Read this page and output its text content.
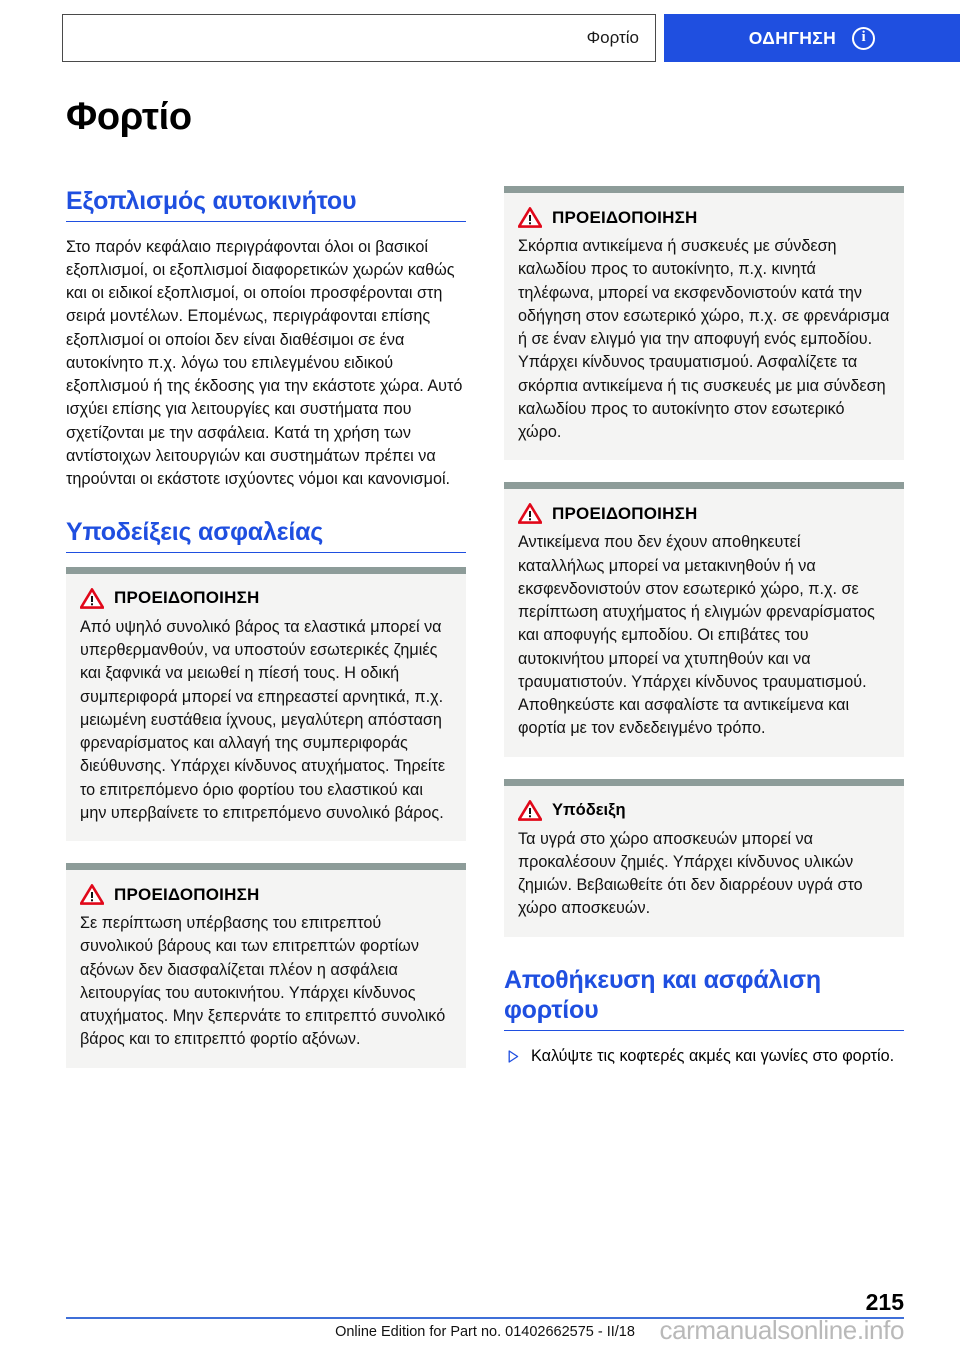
Φορτίο	ΟΔΗΓΗΣΗ i
Φορτίο
Εξοπλισμός αυτοκινήτου

Στο παρόν κεφάλαιο περιγράφονται όλοι οι βασικοί εξοπλισμοί, οι εξοπλισμοί διαφορετικών χωρών καθώς και οι ειδικοί εξοπλισμοί, οι οποίοι προσφέρονται στη σειρά μοντέλων. Επομένως, περιγράφονται επίσης εξοπλισμοί οι οποίοι δεν είναι διαθέσιμοι σε ένα αυτοκίνητο π.χ. λόγω του επιλεγμένου ειδικού εξοπλισμού ή της έκδοσης για την εκάστοτε χώρα. Αυτό ισχύει επίσης για λειτουργίες και συστήματα που σχετίζονται με την ασφάλεια. Κατά τη χρήση των αντίστοιχων λειτουργιών και συστημάτων πρέπει να τηρούνται οι εκάστοτε ισχύοντες νόμοι και κανονισμοί.

Υποδείξεις ασφαλείας
ΠΡΟΕΙΔΟΠΟΙΗΣΗ

Από υψηλό συνολικό βάρος τα ελαστικά μπορεί να υπερθερμανθούν, να υποστούν εσωτερικές ζημιές και ξαφνικά να μειωθεί η πίεσή τους. Η οδική συμπεριφορά μπορεί να επηρεαστεί αρνητικά, π.χ. μειωμένη ευστάθεια ίχνους, μεγαλύτερη απόσταση φρεναρίσματος και αλλαγή της συμπεριφοράς διεύθυνσης. Υπάρχει κίνδυνος ατυχήματος. Τηρείτε το επιτρεπόμενο όριο φορτίου του ελαστικού και μην υπερβαίνετε το επιτρεπόμενο συνολικό βάρος.

ΠΡΟΕΙΔΟΠΟΙΗΣΗ

Σε περίπτωση υπέρβασης του επιτρεπτού συνολικού βάρους και των επιτρεπτών φορτίων αξόνων δεν διασφαλίζεται πλέον η ασφάλεια λειτουργίας του αυτοκινήτου. Υπάρχει κίνδυνος ατυχήματος. Μην ξεπερνάτε το επιτρεπτό συνολικό βάρος και το επιτρεπτό φορτίο αξόνων.

ΠΡΟΕΙΔΟΠΟΙΗΣΗ

Σκόρπια αντικείμενα ή συσκευές με σύνδεση καλωδίου προς το αυτοκίνητο, π.χ. κινητά τηλέφωνα, μπορεί να εκσφενδονιστούν κατά την οδήγηση στον εσωτερικό χώρο, π.χ. σε φρενάρισμα ή σε έναν ελιγμό για την αποφυγή ενός εμποδίου. Υπάρχει κίνδυνος τραυματισμού. Ασφαλίζετε τα σκόρπια αντικείμενα ή τις συσκευές με μια σύνδεση καλωδίου προς το αυτοκίνητο στον εσωτερικό χώρο.

ΠΡΟΕΙΔΟΠΟΙΗΣΗ

Αντικείμενα που δεν έχουν αποθηκευτεί καταλλήλως μπορεί να μετακινηθούν ή να εκσφενδονιστούν στον εσωτερικό χώρο, π.χ. σε περίπτωση ατυχήματος ή ελιγμών φρεναρίσματος και αποφυγής εμποδίου. Οι επιβάτες του αυτοκινήτου μπορεί να χτυπηθούν και να τραυματιστούν. Υπάρχει κίνδυνος τραυματισμού. Αποθηκεύστε και ασφαλίστε τα αντικείμενα και φορτία με τον ενδεδειγμένο τρόπο.

Υπόδειξη

Τα υγρά στο χώρο αποσκευών μπορεί να προκαλέσουν ζημιές. Υπάρχει κίνδυνος υλικών ζημιών. Βεβαιωθείτε ότι δεν διαρρέουν υγρά στο χώρο αποσκευών.

Αποθήκευση και ασφάλιση φορτίου
Καλύψτε τις κοφτερές ακμές και γωνίες στο φορτίο.
215
Online Edition for Part no. 01402662575 - II/18 carmanualsonline.info
